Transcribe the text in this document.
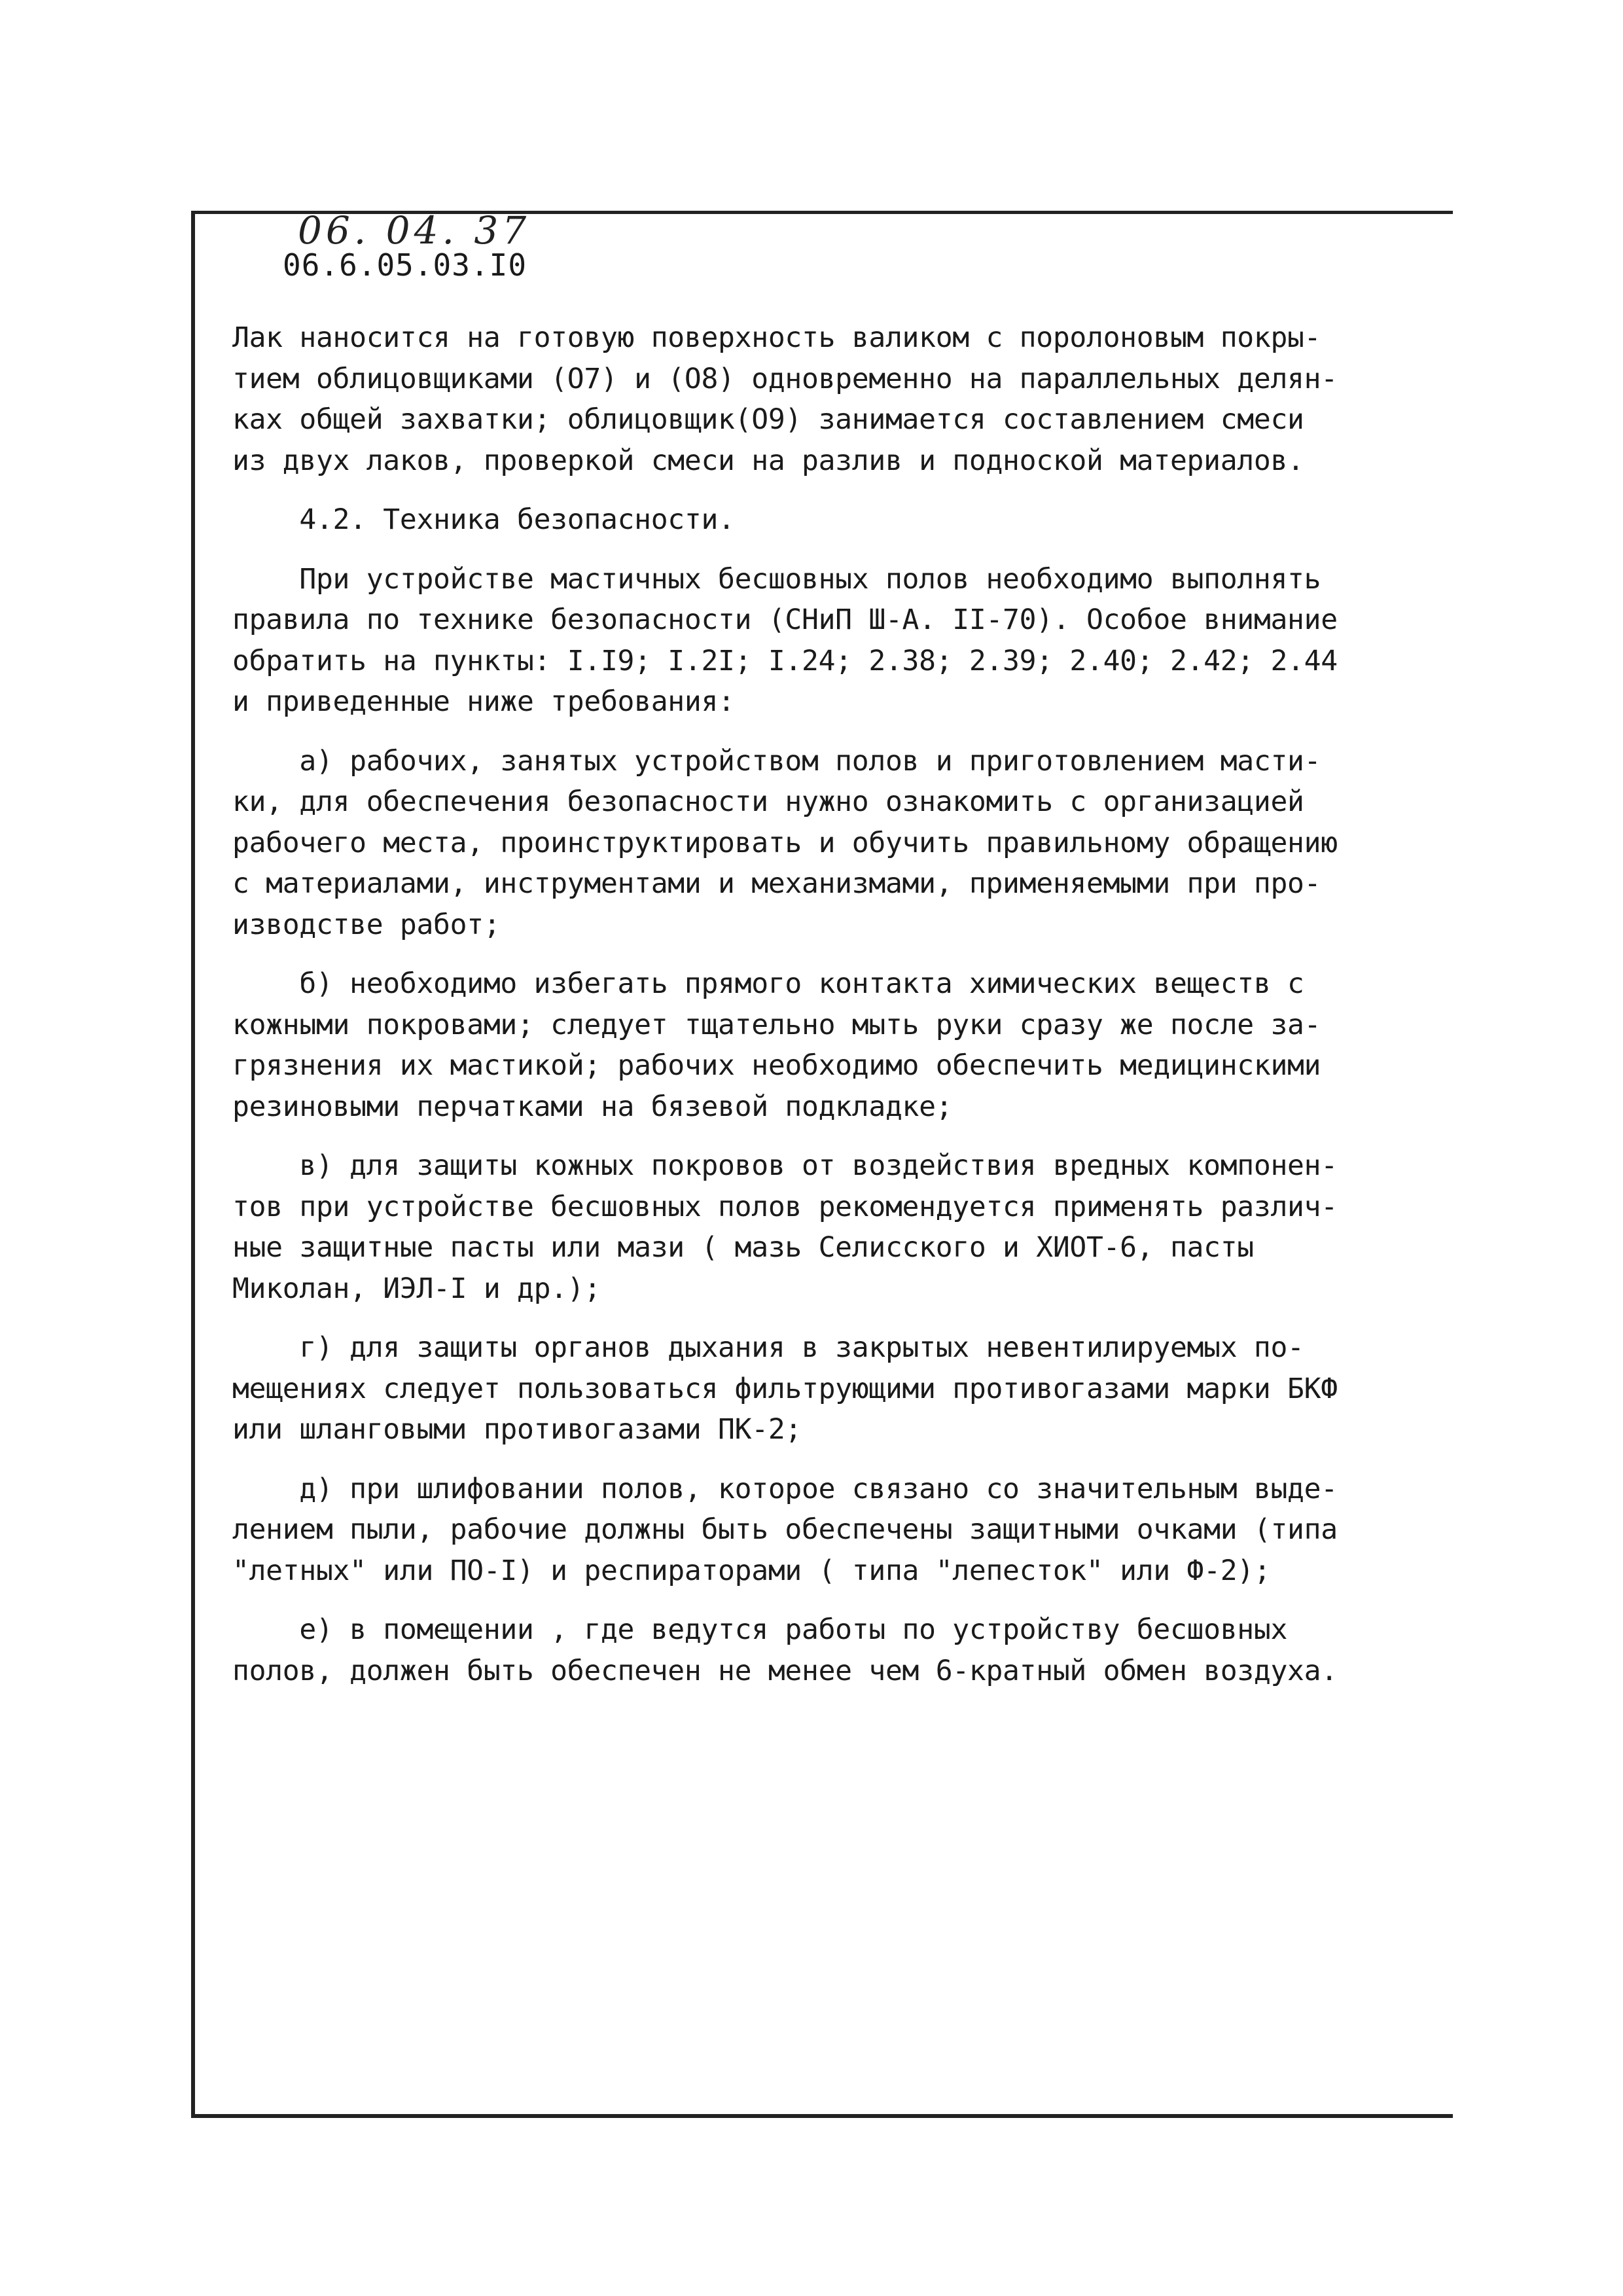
06. 04. 37
06.6.05.03.I0

Лак наносится на готовую поверхность валиком с поролоновым покры-
тием облицовщиками (О7) и (О8) одновременно на параллельных делян-
ках общей захватки; облицовщик(О9) занимается составлением смеси
из двух лаков, проверкой смеси на разлив и подноской материалов.

4.2. Техника безопасности.

При устройстве мастичных бесшовных полов необходимо выполнять
правила по технике безопасности (СНиП Ш-А. II-70). Особое внимание
обратить на пункты: I.I9; I.2I; I.24; 2.38; 2.39; 2.40; 2.42; 2.44
и приведенные ниже требования:

а) рабочих, занятых устройством полов и приготовлением масти-
ки, для обеспечения безопасности нужно ознакомить с организацией
рабочего места, проинструктировать и обучить правильному обращению
с материалами, инструментами и механизмами, применяемыми при про-
изводстве работ;

б) необходимо избегать прямого контакта химических веществ с
кожными покровами; следует тщательно мыть руки сразу же после за-
грязнения их мастикой; рабочих необходимо обеспечить медицинскими
резиновыми перчатками на бязевой подкладке;

в) для защиты кожных покровов от воздействия вредных компонен-
тов при устройстве бесшовных полов рекомендуется применять различ-
ные защитные пасты или мази ( мазь Селисского и ХИОТ-6, пасты
Миколан, ИЭЛ-I и др.);

г) для защиты органов дыхания в закрытых невентилируемых по-
мещениях следует пользоваться фильтрующими противогазами марки БКФ
или шланговыми противогазами ПК-2;

д) при шлифовании полов, которое связано со значительным выде-
лением пыли, рабочие должны быть обеспечены защитными очками (типа
"летных" или ПО-I) и респираторами ( типа "лепесток" или Ф-2);

е) в помещении , где ведутся работы по устройству бесшовных
полов, должен быть обеспечен не менее чем 6-кратный обмен воздуха.
